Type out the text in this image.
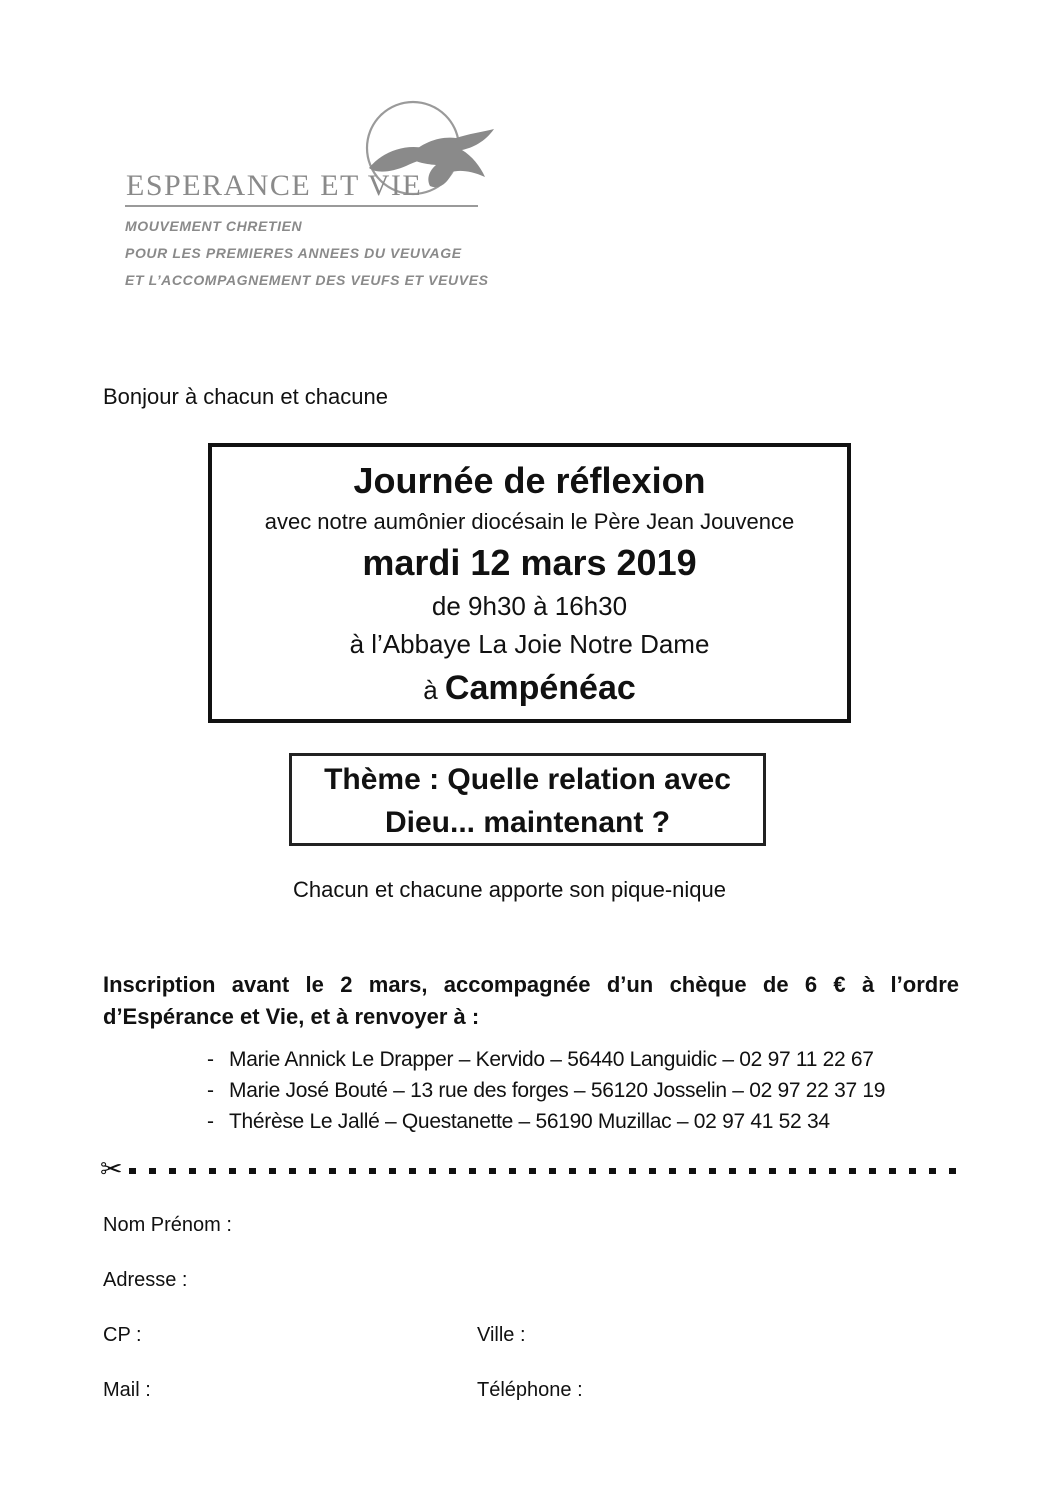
ESPERANCE ET VIE
MOUVEMENT CHRETIEN
POUR LES PREMIERES ANNEES DU VEUVAGE
ET L’ACCOMPAGNEMENT DES VEUFS ET VEUVES
Bonjour à chacun et chacune
Journée de réflexion
avec notre aumônier diocésain le Père Jean Jouvence
mardi 12 mars 2019
de 9h30 à 16h30
à l’Abbaye La Joie Notre Dame
à Campénéac
Thème : Quelle relation avec
Dieu... maintenant ?
Chacun et chacune apporte son pique-nique
Inscription avant le 2 mars, accompagnée d’un chèque de 6 € à l’ordre
d’Espérance et Vie, et à renvoyer à :
- Marie Annick Le Drapper – Kervido – 56440 Languidic – 02 97 11 22 67
- Marie José Bouté – 13 rue des forges – 56120 Josselin – 02 97 22 37 19
- Thérèse Le Jallé – Questanette – 56190 Muzillac – 02 97 41 52 34
✂
Nom Prénom :
Adresse :
CP :	Ville :
Mail :	Téléphone :
